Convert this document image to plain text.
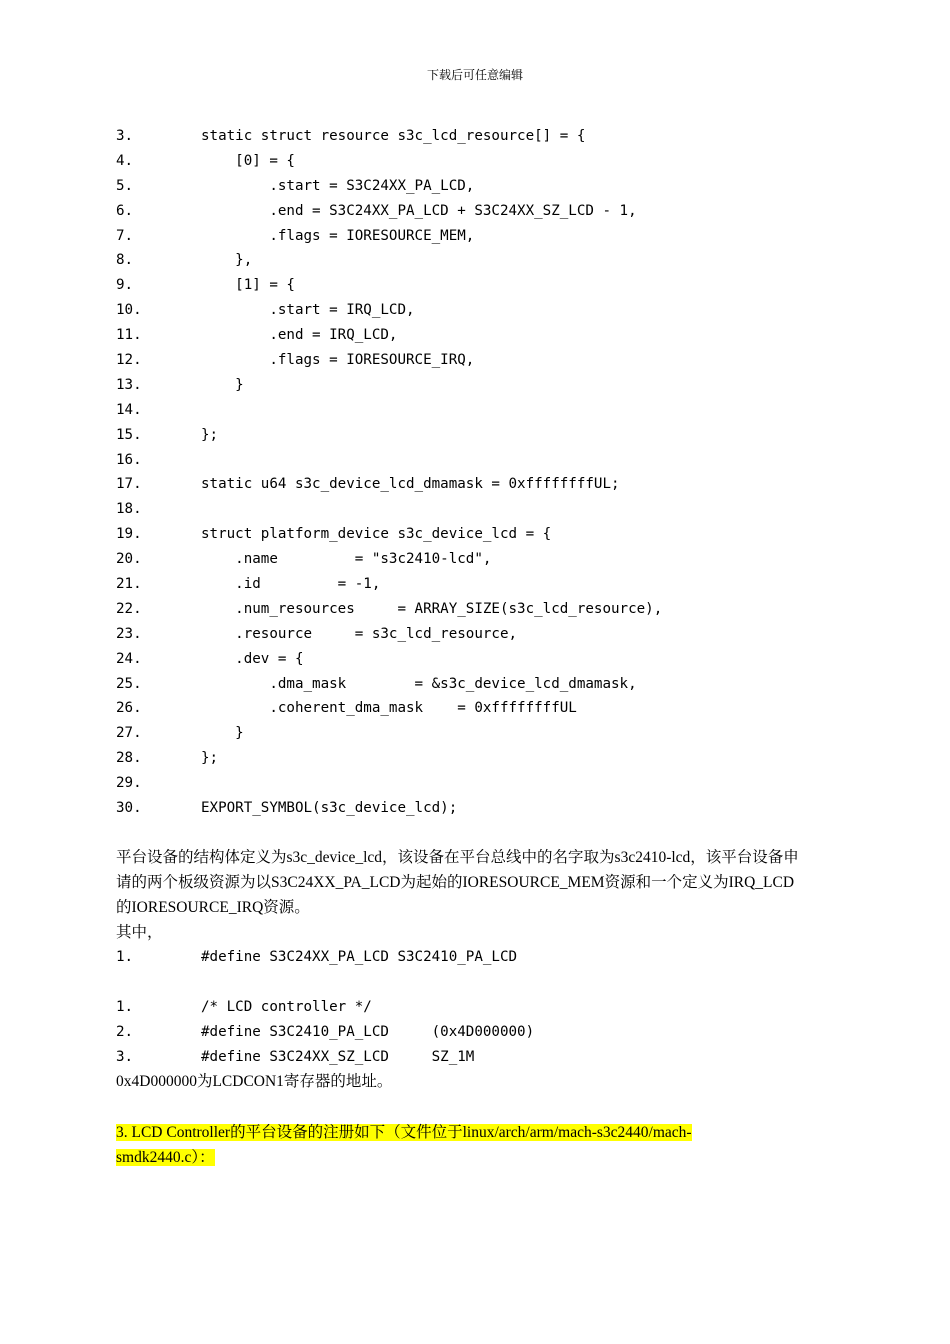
下载后可任意编辑
3.	static struct resource s3c_lcd_resource[] = {
4.	[0] = {
5.	.start = S3C24XX_PA_LCD,
6.	.end = S3C24XX_PA_LCD + S3C24XX_SZ_LCD - 1,
7.	.flags = IORESOURCE_MEM,
8.	},
9.	[1] = {
10.	.start = IRQ_LCD,
11.	.end = IRQ_LCD,
12.	.flags = IORESOURCE_IRQ,
13.	}
14.
15.	};
16.
17.	static u64 s3c_device_lcd_dmamask = 0xffffffffUL;
18.
19.	struct platform_device s3c_device_lcd = {
20.	.name         = "s3c2410-lcd",
21.	.id         = -1,
22.	.num_resources     = ARRAY_SIZE(s3c_lcd_resource),
23.	.resource     = s3c_lcd_resource,
24.	.dev = {
25.	.dma_mask        = &s3c_device_lcd_dmamask,
26.	.coherent_dma_mask    = 0xffffffffUL
27.	}
28.	};
29.
30.	EXPORT_SYMBOL(s3c_device_lcd);

平台设备的结构体定义为s3c_device_lcd，该设备在平台总线中的名字取为s3c2410-lcd，该平台设备申请的两个板级资源为以S3C24XX_PA_LCD为起始的IORESOURCE_MEM资源和一个定义为IRQ_LCD的IORESOURCE_IRQ资源。

其中，

1.	#define S3C24XX_PA_LCD S3C2410_PA_LCD
1.	/* LCD controller */
2.	#define S3C2410_PA_LCD     (0x4D000000)
3.	#define S3C24XX_SZ_LCD     SZ_1M

0x4D000000为LCDCON1寄存器的地址。

3. LCD Controller的平台设备的注册如下（文件位于linux/arch/arm/mach-s3c2440/mach-smdk2440.c）：
